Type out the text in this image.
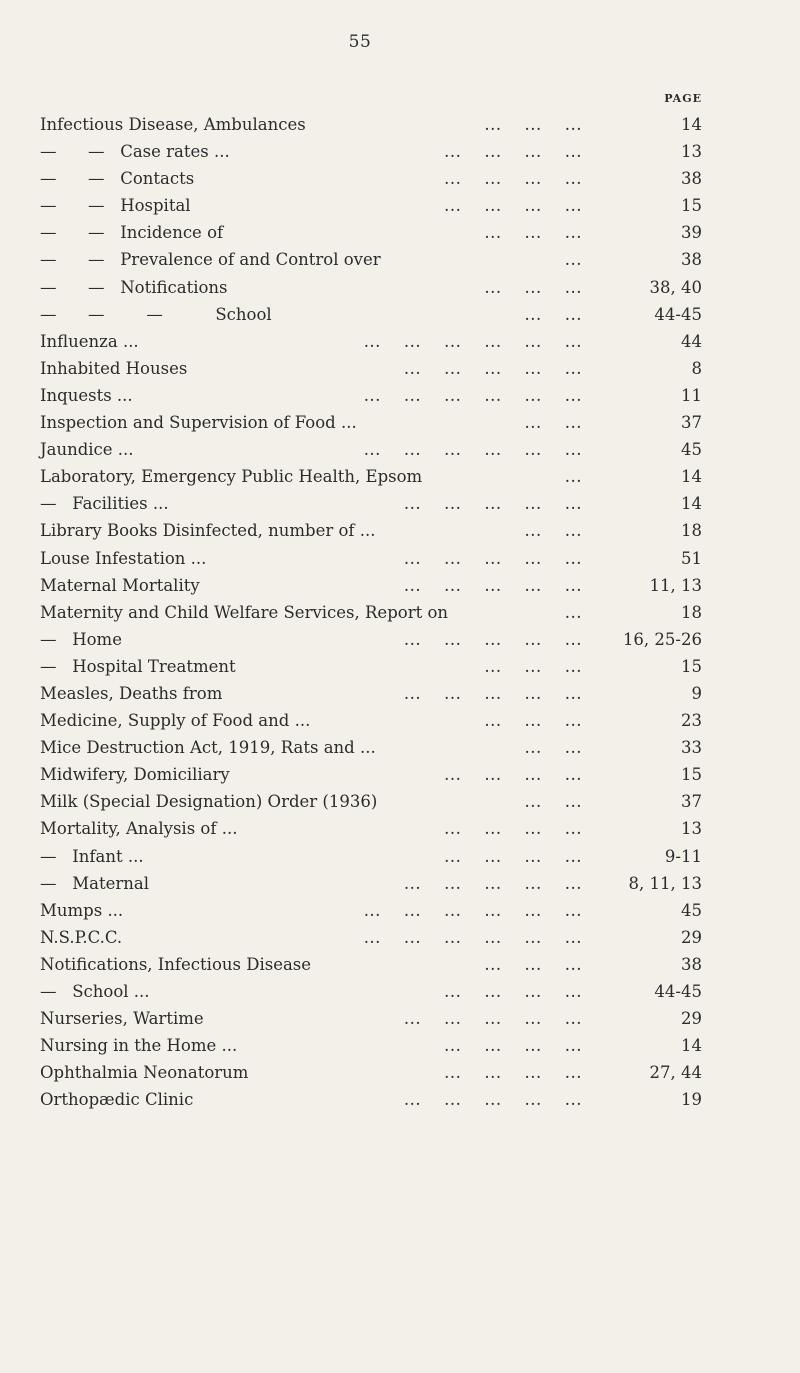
55
PAGE
Infectious Disease, Ambulances	...    ...    ...	14
—      —   Case rates ...	...    ...    ...    ...	13
—      —   Contacts	...    ...    ...    ...	38
—      —   Hospital	...    ...    ...    ...	15
—      —   Incidence of	...    ...    ...	39
—      —   Prevalence of and Control over	...	38
—      —   Notifications	...    ...    ...	38, 40
—      —        —          School	...    ...	44-45
Influenza ...	...    ...    ...    ...    ...    ...	44
Inhabited Houses	...    ...    ...    ...    ...	8
Inquests ...	...    ...    ...    ...    ...    ...	11
Inspection and Supervision of Food ...	...    ...	37
Jaundice ...	...    ...    ...    ...    ...    ...	45
Laboratory, Emergency Public Health, Epsom	...	14
—   Facilities ...	...    ...    ...    ...    ...	14
Library Books Disinfected, number of ...	...    ...	18
Louse Infestation ...	...    ...    ...    ...    ...	51
Maternal Mortality	...    ...    ...    ...    ...	11, 13
Maternity and Child Welfare Services, Report on	...	18
—   Home	...    ...    ...    ...    ... 16, 25-26
—   Hospital Treatment	...    ...    ...	15
Measles, Deaths from	...    ...    ...    ...    ...	9
Medicine, Supply of Food and ...	...    ...    ...	23
Mice Destruction Act, 1919, Rats and ...	...    ...	33
Midwifery, Domiciliary	...    ...    ...    ...	15
Milk (Special Designation) Order (1936)	...    ...	37
Mortality, Analysis of ...	...    ...    ...    ...	13
—   Infant ...	...    ...    ...    ...	9-11
—   Maternal	...    ...    ...    ...    ...	8, 11, 13
Mumps ...	...    ...    ...    ...    ...    ...	45
N.S.P.C.C.	...    ...    ...    ...    ...    ...	29
Notifications, Infectious Disease	...    ...    ...	38
—   School ...	...    ...    ...    ...	44-45
Nurseries, Wartime	...    ...    ...    ...    ...	29
Nursing in the Home ...	...    ...    ...    ...	14
Ophthalmia Neonatorum	...    ...    ...    ...	27, 44
Orthopædic Clinic	...    ...    ...    ...    ...	19
